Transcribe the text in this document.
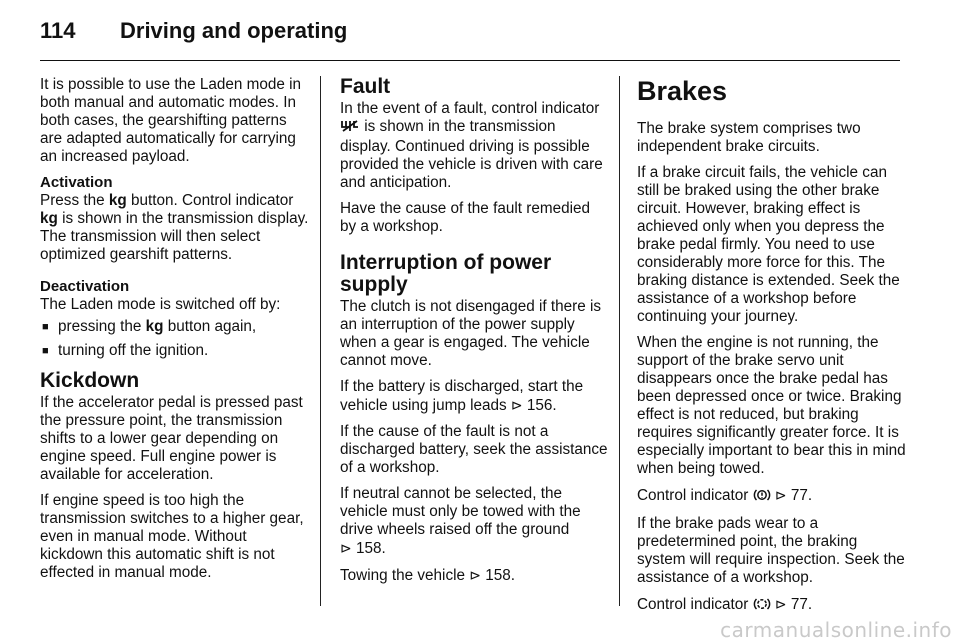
114 Driving and operating

It is possible to use the Laden mode in both manual and automatic modes. In both cases, the gearshifting patterns are adapted automatically for carrying an increased payload.

Activation

Press the kg button. Control indicator kg is shown in the transmission display. The transmission will then select optimized gearshift patterns.

Deactivation
The Laden mode is switched off by:
■ pressing the kg button again,
■ turning off the ignition.
Kickdown

If the accelerator pedal is pressed past the pressure point, the transmission shifts to a lower gear depending on engine speed. Full engine power is available for acceleration.

If engine speed is too high the transmission switches to a higher gear, even in manual mode. Without kickdown this automatic shift is not effected in manual mode.

Fault

In the event of a fault, control indicator  is shown in the transmission display. Continued driving is possible provided the vehicle is driven with care and anticipation.

Have the cause of the fault remedied by a workshop.

Interruption of power supply

The clutch is not disengaged if there is an interruption of the power supply when a gear is engaged. The vehicle cannot move.

If the battery is discharged, start the vehicle using jump leads ⊳ 156.

If the cause of the fault is not a discharged battery, seek the assistance of a workshop.

If neutral cannot be selected, the vehicle must only be towed with the drive wheels raised off the ground
⊳ 158.

Towing the vehicle ⊳ 158.

Brakes

The brake system comprises two independent brake circuits.

If a brake circuit fails, the vehicle can still be braked using the other brake circuit. However, braking effect is achieved only when you depress the brake pedal firmly. You need to use considerably more force for this. The braking distance is extended. Seek the assistance of a workshop before continuing your journey.

When the engine is not running, the support of the brake servo unit disappears once the brake pedal has been depressed once or twice. Braking effect is not reduced, but braking requires significantly greater force. It is especially important to bear this in mind when being towed.

Control indicator  ⊳ 77.

If the brake pads wear to a predetermined point, the braking system will require inspection. Seek the assistance of a workshop.

Control indicator  ⊳ 77.

carmanualsonline.info
